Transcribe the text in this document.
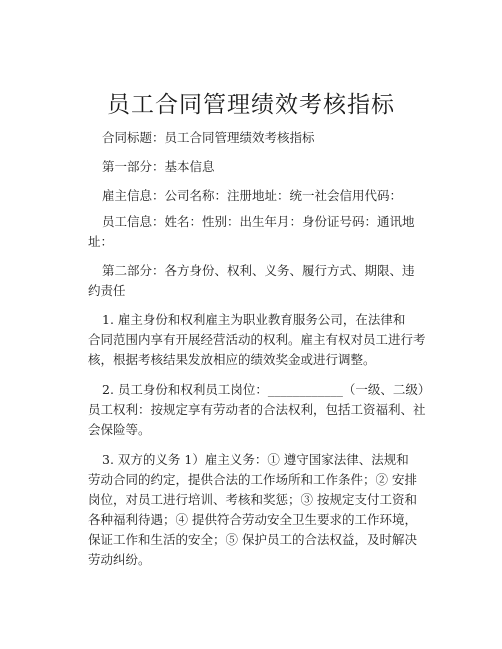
员工合同管理绩效考核指标
合同标题：员工合同管理绩效考核指标
第一部分：基本信息
雇主信息：公司名称：注册地址：统一社会信用代码：
员工信息：姓名：性别：出生年月：身份证号码：通讯地
址：
第二部分：各方身份、权利、义务、履行方式、期限、违
约责任
1. 雇主身份和权利雇主为职业教育服务公司，在法律和
合同范围内享有开展经营活动的权利。雇主有权对员工进行考
核，根据考核结果发放相应的绩效奖金或进行调整。
2. 员工身份和权利员工岗位：____________（一级、二级）
员工权利：按规定享有劳动者的合法权利，包括工资福利、社
会保险等。
3. 双方的义务 1）雇主义务：① 遵守国家法律、法规和
劳动合同的约定，提供合法的工作场所和工作条件；② 安排
岗位，对员工进行培训、考核和奖惩；③ 按规定支付工资和
各种福利待遇；④ 提供符合劳动安全卫生要求的工作环境，
保证工作和生活的安全；⑤ 保护员工的合法权益，及时解决
劳动纠纷。
